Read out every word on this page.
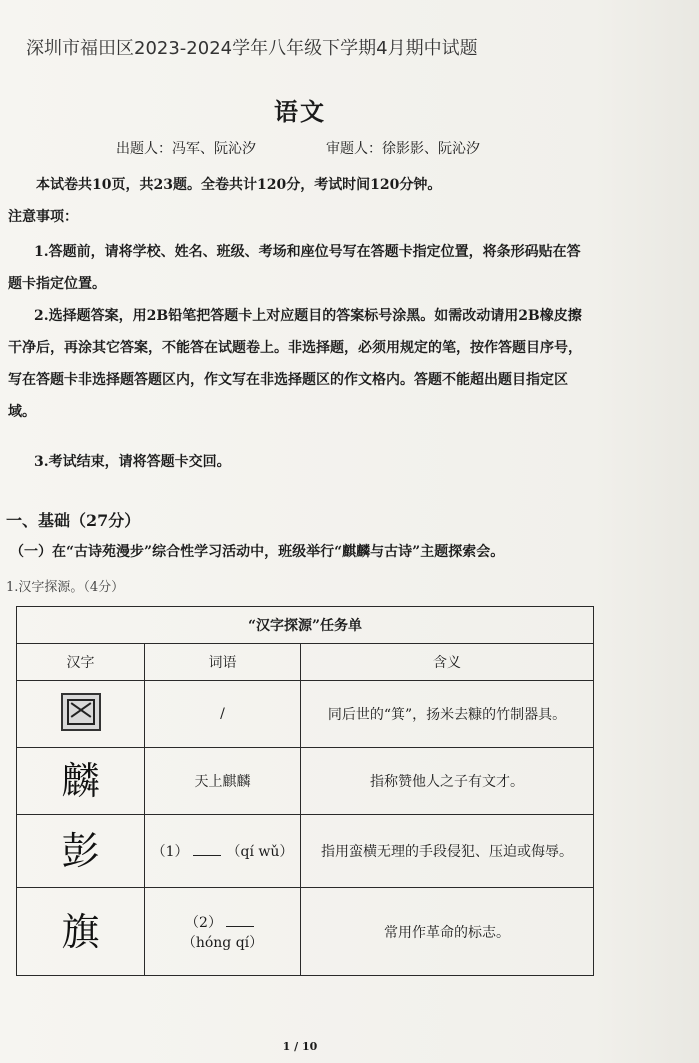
深圳市福田区2023-2024学年八年级下学期4月期中试题
语文
出题人：冯军、阮沁汐	审题人：徐影影、阮沁汐
本试卷共10页，共23题。全卷共计120分，考试时间120分钟。
注意事项：

1.答题前，请将学校、姓名、班级、考场和座位号写在答题卡指定位置，将条形码贴在答题卡指定位置。

2.选择题答案，用2B铅笔把答题卡上对应题目的答案标号涂黑。如需改动请用2B橡皮擦干净后，再涂其它答案，不能答在试题卷上。非选择题，必须用规定的笔，按作答题目序号，写在答题卡非选择题答题区内，作文写在非选择题区的作文格内。答题不能超出题目指定区域。

3.考试结束，请将答题卡交回。

一、基础（27分）
（一）在“古诗苑漫步”综合性学习活动中，班级举行“麒麟与古诗”主题探索会。
1.汉字探源。（4分）
“汉字探源”任务单		
汉字	词语	含义

	/	同后世的“箕”，扬米去糠的竹制器具。
麟	天上麒麟	指称赞他人之子有文才。
彭	（1） （qí wǔ）	指用蛮横无理的手段侵犯、压迫或侮辱。
旗	（2）（hóng qí）	常用作革命的标志。
1 / 10
